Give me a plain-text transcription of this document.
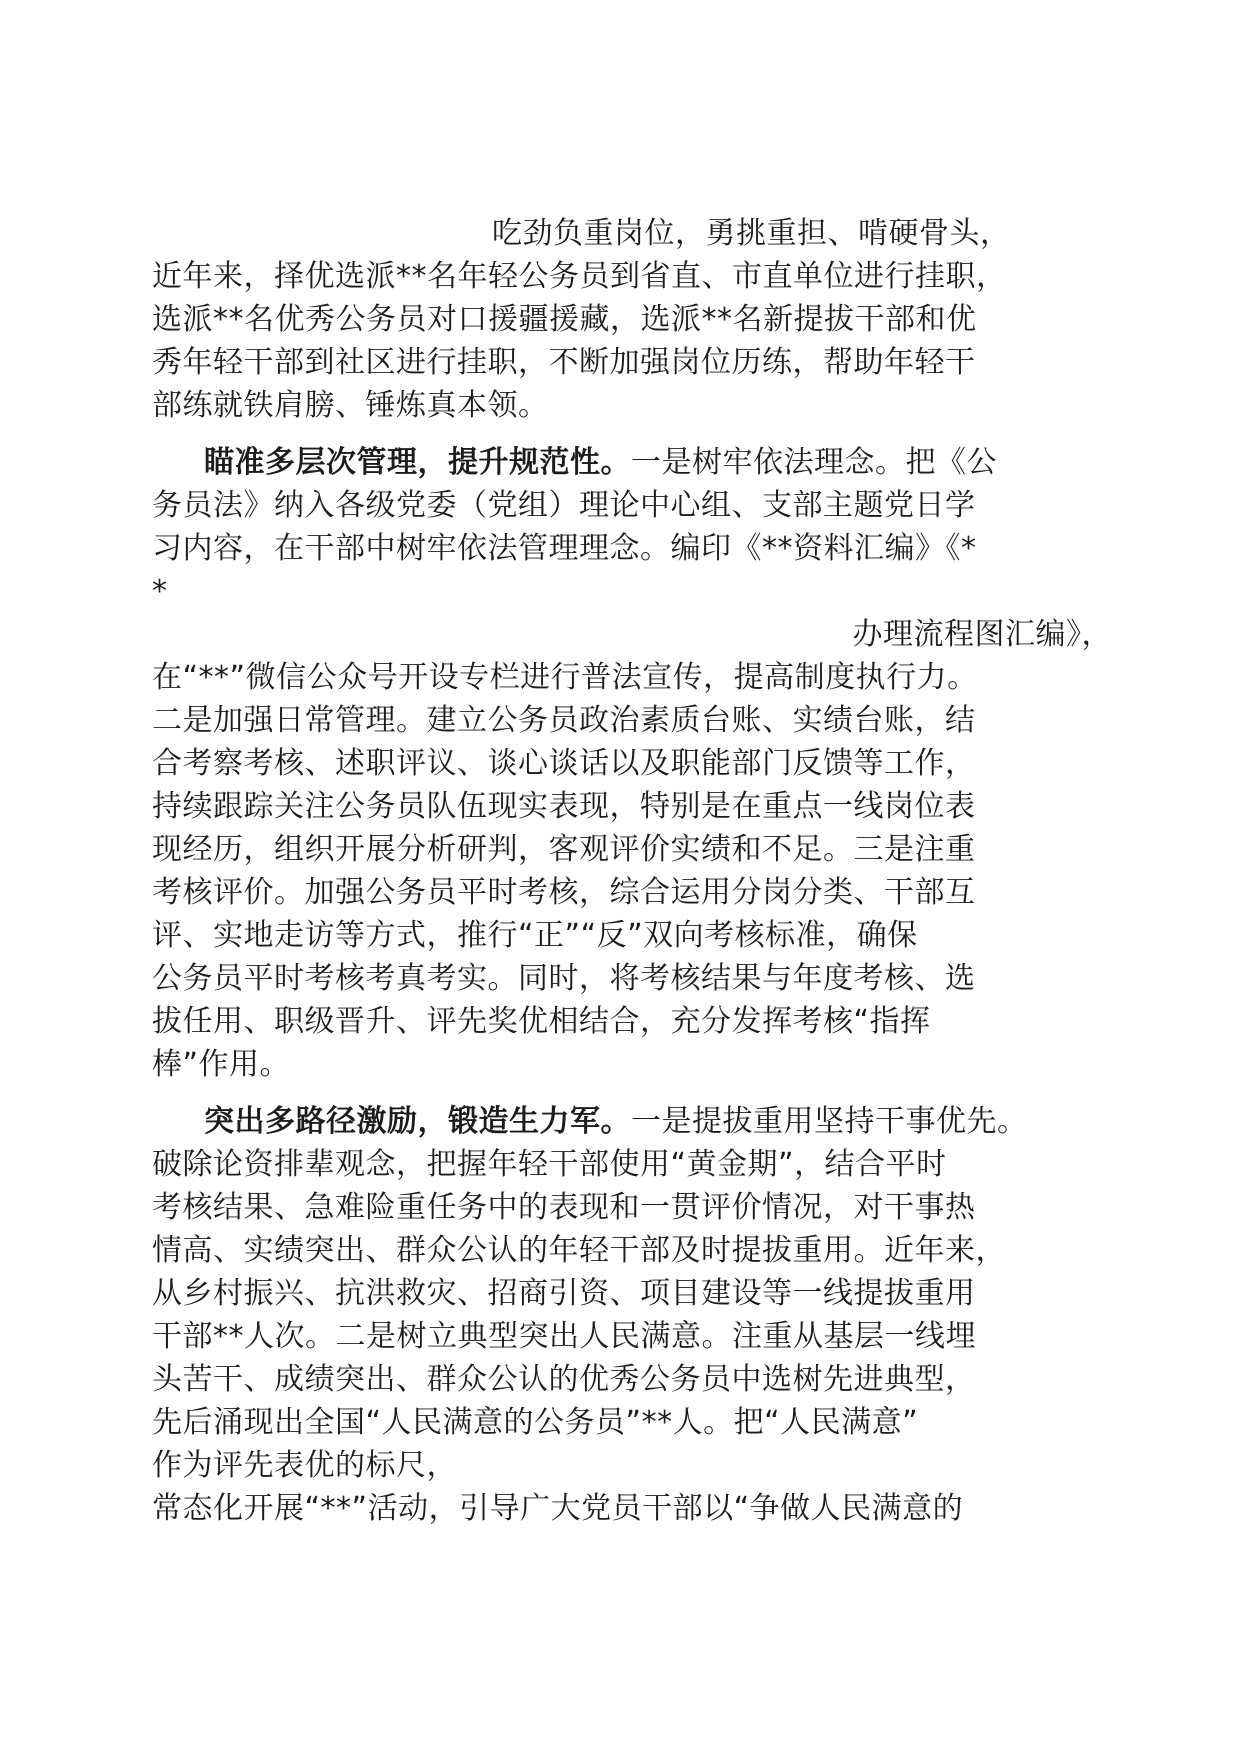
吃劲负重岗位，勇挑重担、啃硬骨头，
近年来，择优选派**名年轻公务员到省直、市直单位进行挂职，
选派**名优秀公务员对口援疆援藏，选派**名新提拔干部和优
秀年轻干部到社区进行挂职，不断加强岗位历练，帮助年轻干
部练就铁肩膀、锤炼真本领。
瞄准多层次管理，提升规范性。一是树牢依法理念。把《公
务员法》纳入各级党委（党组）理论中心组、支部主题党日学
习内容，在干部中树牢依法管理理念。编印《**资料汇编》《*
*
办理流程图汇编》，
在“**”微信公众号开设专栏进行普法宣传，提高制度执行力。
二是加强日常管理。建立公务员政治素质台账、实绩台账，结
合考察考核、述职评议、谈心谈话以及职能部门反馈等工作，
持续跟踪关注公务员队伍现实表现，特别是在重点一线岗位表
现经历，组织开展分析研判，客观评价实绩和不足。三是注重
考核评价。加强公务员平时考核，综合运用分岗分类、干部互
评、实地走访等方式，推行“正”“反”双向考核标准，确保
公务员平时考核考真考实。同时，将考核结果与年度考核、选
拔任用、职级晋升、评先奖优相结合，充分发挥考核“指挥
棒”作用。
突出多路径激励，锻造生力军。一是提拔重用坚持干事优先。
破除论资排辈观念，把握年轻干部使用“黄金期”，结合平时
考核结果、急难险重任务中的表现和一贯评价情况，对干事热
情高、实绩突出、群众公认的年轻干部及时提拔重用。近年来，
从乡村振兴、抗洪救灾、招商引资、项目建设等一线提拔重用
干部**人次。二是树立典型突出人民满意。注重从基层一线埋
头苦干、成绩突出、群众公认的优秀公务员中选树先进典型，
先后涌现出全国“人民满意的公务员”**人。把“人民满意”
作为评先表优的标尺，
常态化开展“**”活动，引导广大党员干部以“争做人民满意的
